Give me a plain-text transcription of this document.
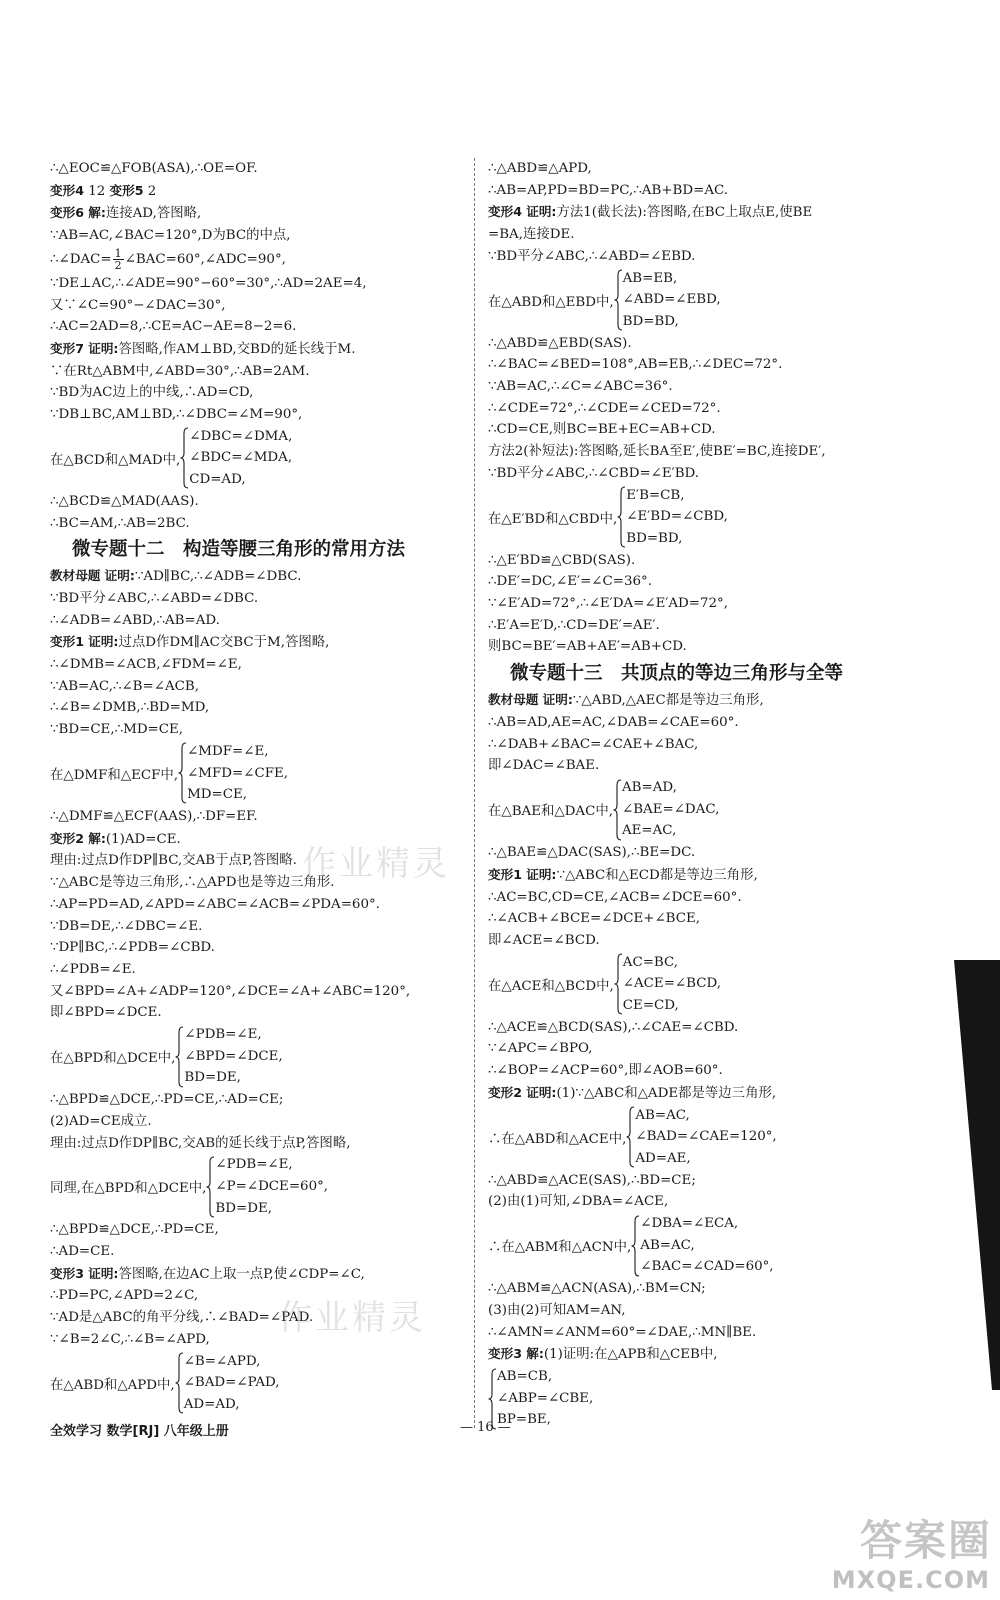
∴△EOC≌△FOB(ASA),∴OE=OF.
变形4 12 变形5 2
变形6 解:连接AD,答图略,
∵AB=AC,∠BAC=120°,D为BC的中点,
∴∠DAC= $\frac{1}{2}$ ∠BAC=60°,∠ADC=90°,
∵DE⊥AC,∴∠ADE=90°−60°=30°,∴AD=2AE=4,
又∵∠C=90°−∠DAC=30°,
∴AC=2AD=8,∴CE=AC−AE=8−2=6.
变形7 证明:答图略,作AM⊥BD,交BD的延长线于M.
∵在Rt△ABM中,∠ABD=30°,∴AB=2AM.
∵BD为AC边上的中线,∴AD=CD,
∵DB⊥BC,AM⊥BD,∴∠DBC=∠M=90°,
在△BCD和△MAD中,
∠DBC=∠DMA,
∠BDC=∠MDA,
CD=AD,
∴△BCD≌△MAD(AAS).
∴BC=AM,∴AB=2BC.
微专题十二　构造等腰三角形的常用方法
教材母题 证明:∵AD∥BC,∴∠ADB=∠DBC.
∵BD平分∠ABC,∴∠ABD=∠DBC.
∴∠ADB=∠ABD,∴AB=AD.
变形1 证明:过点D作DM∥AC交BC于M,答图略,
∴∠DMB=∠ACB,∠FDM=∠E,
∵AB=AC,∴∠B=∠ACB,
∴∠B=∠DMB,∴BD=MD,
∵BD=CE,∴MD=CE,
在△DMF和△ECF中,
∠MDF=∠E,
∠MFD=∠CFE,
MD=CE,
∴△DMF≌△ECF(AAS),∴DF=EF.
变形2 解:(1)AD=CE.
理由:过点D作DP∥BC,交AB于点P,答图略.
∵△ABC是等边三角形,∴△APD也是等边三角形.
∴AP=PD=AD,∠APD=∠ABC=∠ACB=∠PDA=60°.
∵DB=DE,∴∠DBC=∠E.
∵DP∥BC,∴∠PDB=∠CBD.
∴∠PDB=∠E.
又∠BPD=∠A+∠ADP=120°,∠DCE=∠A+∠ABC=120°,
即∠BPD=∠DCE.
在△BPD和△DCE中,
∠PDB=∠E,
∠BPD=∠DCE,
BD=DE,
∴△BPD≌△DCE,∴PD=CE,∴AD=CE;
(2)AD=CE成立.
理由:过点D作DP∥BC,交AB的延长线于点P,答图略,
同理,在△BPD和△DCE中,
∠PDB=∠E,
∠P=∠DCE=60°,
BD=DE,
∴△BPD≌△DCE,∴PD=CE,
∴AD=CE.
变形3 证明:答图略,在边AC上取一点P,使∠CDP=∠C,
∴PD=PC,∠APD=2∠C,
∵AD是△ABC的角平分线,∴∠BAD=∠PAD.
∵∠B=2∠C,∴∠B=∠APD,
在△ABD和△APD中,
∠B=∠APD,
∠BAD=∠PAD,
AD=AD,
∴△ABD≌△APD,
∴AB=AP,PD=BD=PC,∴AB+BD=AC.
变形4 证明:方法1(截长法):答图略,在BC上取点E,使BE
=BA,连接DE.
∵BD平分∠ABC,∴∠ABD=∠EBD.
在△ABD和△EBD中,
AB=EB,
∠ABD=∠EBD,
BD=BD,
∴△ABD≌△EBD(SAS).
∴∠BAC=∠BED=108°,AB=EB,∴∠DEC=72°.
∵AB=AC,∴∠C=∠ABC=36°.
∴∠CDE=72°,∴∠CDE=∠CED=72°.
∴CD=CE,则BC=BE+EC=AB+CD.
方法2(补短法):答图略,延长BA至E′,使BE′=BC,连接DE′,
∵BD平分∠ABC,∴∠CBD=∠E′BD.
在△E′BD和△CBD中,
E′B=CB,
∠E′BD=∠CBD,
BD=BD,
∴△E′BD≌△CBD(SAS).
∴DE′=DC,∠E′=∠C=36°.
∵∠E′AD=72°,∴∠E′DA=∠E′AD=72°,
∴E′A=E′D,∴CD=DE′=AE′.
则BC=BE′=AB+AE′=AB+CD.
微专题十三　共顶点的等边三角形与全等
教材母题 证明:∵△ABD,△AEC都是等边三角形,
∴AB=AD,AE=AC,∠DAB=∠CAE=60°.
∴∠DAB+∠BAC=∠CAE+∠BAC,
即∠DAC=∠BAE.
在△BAE和△DAC中,
AB=AD,
∠BAE=∠DAC,
AE=AC,
∴△BAE≌△DAC(SAS),∴BE=DC.
变形1 证明:∵△ABC和△ECD都是等边三角形,
∴AC=BC,CD=CE,∠ACB=∠DCE=60°.
∴∠ACB+∠BCE=∠DCE+∠BCE,
即∠ACE=∠BCD.
在△ACE和△BCD中,
AC=BC,
∠ACE=∠BCD,
CE=CD,
∴△ACE≌△BCD(SAS),∴∠CAE=∠CBD.
∵∠APC=∠BPO,
∴∠BOP=∠ACP=60°,即∠AOB=60°.
变形2 证明:(1)∵△ABC和△ADE都是等边三角形,
∴在△ABD和△ACE中,
AB=AC,
∠BAD=∠CAE=120°,
AD=AE,
∴△ABD≌△ACE(SAS),∴BD=CE;
(2)由(1)可知,∠DBA=∠ACE,
∴在△ABM和△ACN中,
∠DBA=∠ECA,
AB=AC,
∠BAC=∠CAD=60°,
∴△ABM≌△ACN(ASA),∴BM=CN;
(3)由(2)可知AM=AN,
∴∠AMN=∠ANM=60°=∠DAE,∴MN∥BE.
变形3 解:(1)证明:在△APB和△CEB中,
AB=CB,
∠ABP=∠CBE,
BP=BE,
作业精灵
作业精灵
全效学习 数学[RJ] 八年级上册	— 16 —
答案圈
MXQE.COM
